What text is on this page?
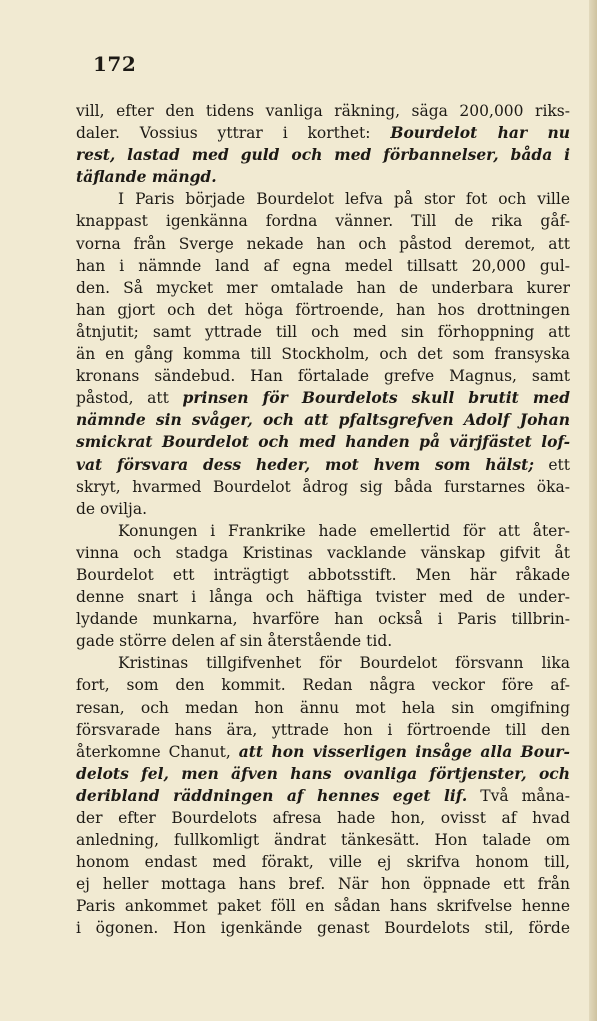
172
vill, efter den tidens vanliga räkning, säga 200,000 riks-
daler. Vossius yttrar i korthet: Bourdelot har nu
rest, lastad med guld och med förbannelser, båda i
täflande mängd.
I Paris började Bourdelot lefva på stor fot och ville
knappast igenkänna fordna vänner. Till de rika gåf-
vorna från Sverge nekade han och påstod deremot, att
han i nämnde land af egna medel tillsatt 20,000 gul-
den. Så mycket mer omtalade han de underbara kurer
han gjort och det höga förtroende, han hos drottningen
åtnjutit; samt yttrade till och med sin förhoppning att
än en gång komma till Stockholm, och det som fransyska
kronans sändebud. Han förtalade grefve Magnus, samt
påstod, att prinsen för Bourdelots skull brutit med
nämnde sin svåger, och att pfaltsgrefven Adolf Johan
smickrat Bourdelot och med handen på värjfästet lof-
vat försvara dess heder, mot hvem som hälst; ett
skryt, hvarmed Bourdelot ådrog sig båda furstarnes öka-
de ovilja.
Konungen i Frankrike hade emellertid för att åter-
vinna och stadga Kristinas vacklande vänskap gifvit åt
Bourdelot ett inträgtigt abbotsstift. Men här råkade
denne snart i långa och häftiga tvister med de under-
lydande munkarna, hvarföre han också i Paris tillbrin-
gade större delen af sin återstående tid.
Kristinas tillgifvenhet för Bourdelot försvann lika
fort, som den kommit. Redan några veckor före af-
resan, och medan hon ännu mot hela sin omgifning
försvarade hans ära, yttrade hon i förtroende till den
återkomne Chanut, att hon visserligen insåge alla Bour-
delots fel, men äfven hans ovanliga förtjenster, och
deribland räddningen af hennes eget lif. Två måna-
der efter Bourdelots afresa hade hon, ovisst af hvad
anledning, fullkomligt ändrat tänkesätt. Hon talade om
honom endast med förakt, ville ej skrifva honom till,
ej heller mottaga hans bref. När hon öppnade ett från
Paris ankommet paket föll en sådan hans skrifvelse henne
i ögonen. Hon igenkände genast Bourdelots stil, förde
